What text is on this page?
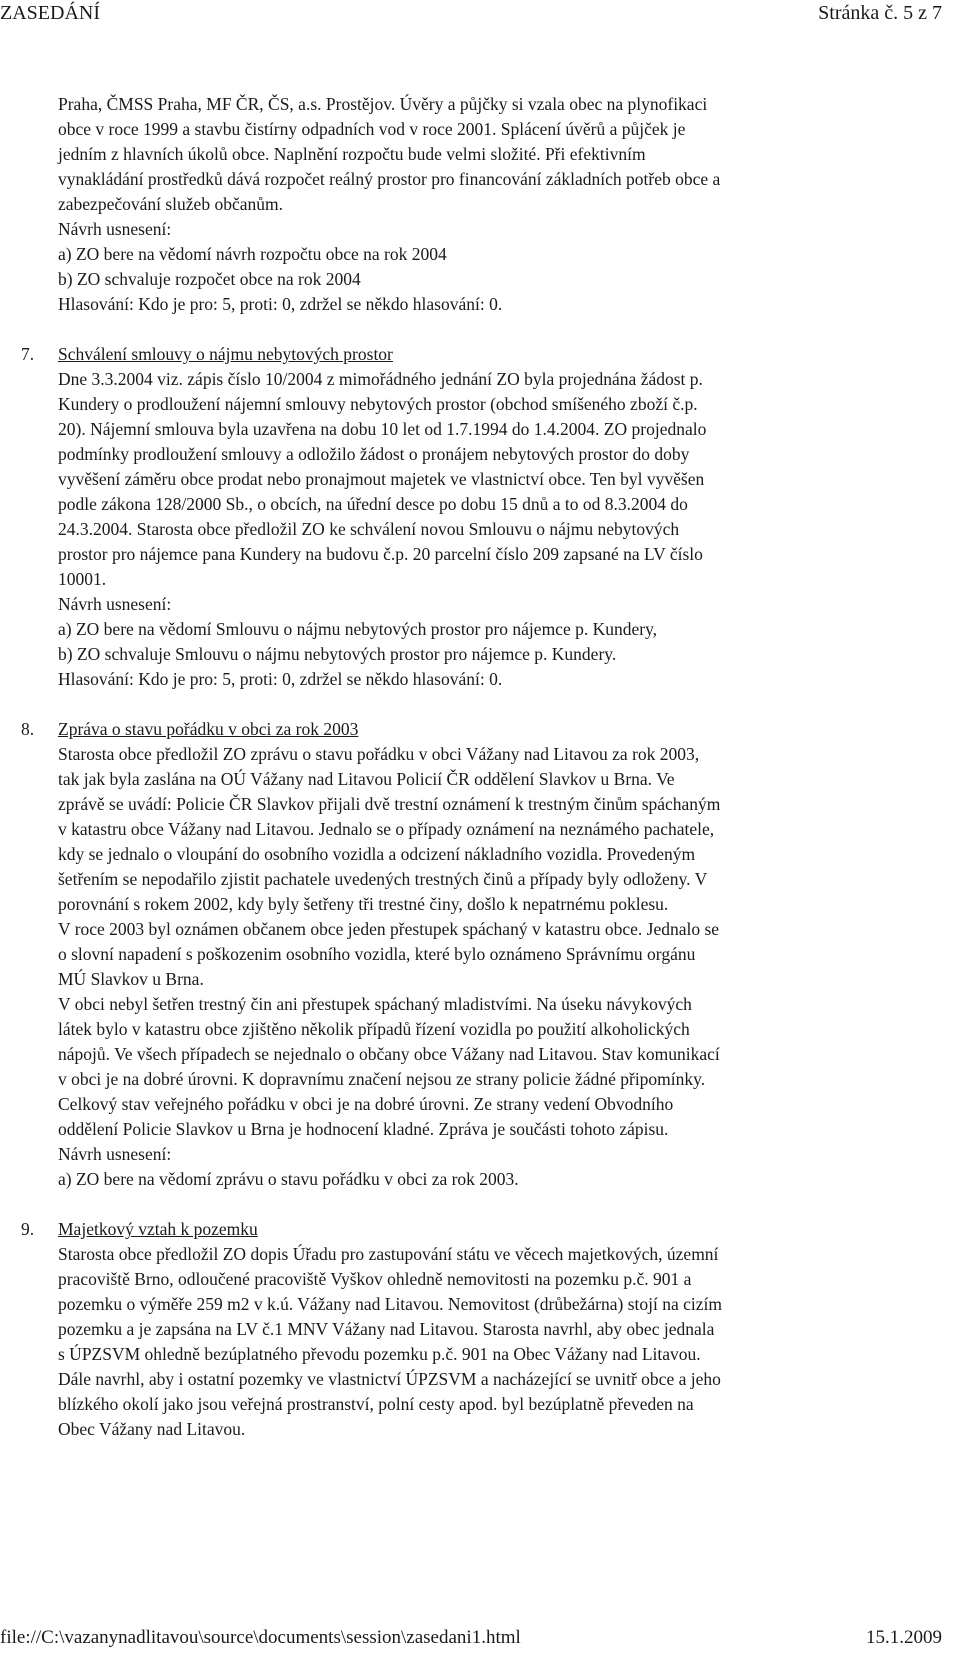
ZASEDÁNÍ	Stránka č. 5 z 7
Praha, ČMSS Praha, MF ČR, ČS, a.s. Prostějov. Úvěry a půjčky si vzala obec na plynofikaci
obce v roce 1999 a stavbu čistírny odpadních vod v roce 2001. Splácení úvěrů a půjček je
jedním z hlavních úkolů obce. Naplnění rozpočtu bude velmi složité. Při efektivním
vynakládání prostředků dává rozpočet reálný prostor pro financování základních potřeb obce a
zabezpečování služeb občanům.
Návrh usnesení:
a) ZO bere na vědomí návrh rozpočtu obce na rok 2004
b) ZO schvaluje rozpočet obce na rok 2004
Hlasování: Kdo je pro: 5, proti: 0, zdržel se někdo hlasování: 0.
7. Schválení smlouvy o nájmu nebytových prostor
Dne 3.3.2004 viz. zápis číslo 10/2004 z mimořádného jednání ZO byla projednána žádost p.
Kundery o prodloužení nájemní smlouvy nebytových prostor (obchod smíšeného zboží č.p.
20). Nájemní smlouva byla uzavřena na dobu 10 let od 1.7.1994 do 1.4.2004. ZO projednalo
podmínky prodloužení smlouvy a odložilo žádost o pronájem nebytových prostor do doby
vyvěšení záměru obce prodat nebo pronajmout majetek ve vlastnictví obce. Ten byl vyvěšen
podle zákona 128/2000 Sb., o obcích, na úřední desce po dobu 15 dnů a to od 8.3.2004 do
24.3.2004. Starosta obce předložil ZO ke schválení novou Smlouvu o nájmu nebytových
prostor pro nájemce pana Kundery na budovu č.p. 20 parcelní číslo 209 zapsané na LV číslo
10001.
Návrh usnesení:
a) ZO bere na vědomí Smlouvu o nájmu nebytových prostor pro nájemce p. Kundery,
b) ZO schvaluje Smlouvu o nájmu nebytových prostor pro nájemce p. Kundery.
Hlasování: Kdo je pro: 5, proti: 0, zdržel se někdo hlasování: 0.
8. Zpráva o stavu pořádku v obci za rok 2003
Starosta obce předložil ZO zprávu o stavu pořádku v obci Vážany nad Litavou za rok 2003,
tak jak byla zaslána na OÚ Vážany nad Litavou Policií ČR oddělení Slavkov u Brna. Ve
zprávě se uvádí: Policie ČR Slavkov přijali dvě trestní oznámení k trestným činům spáchaným
v katastru obce Vážany nad Litavou. Jednalo se o případy oznámení na neznámého pachatele,
kdy se jednalo o vloupání do osobního vozidla a odcizení nákladního vozidla. Provedeným
šetřením se nepodařilo zjistit pachatele uvedených trestných činů a případy byly odloženy. V
porovnání s rokem 2002, kdy byly šetřeny tři trestné činy, došlo k nepatrnému poklesu.
V roce 2003 byl oznámen občanem obce jeden přestupek spáchaný v katastru obce. Jednalo se
o slovní napadení s poškozenim osobního vozidla, které bylo oznámeno Správnímu orgánu
MÚ Slavkov u Brna.
V obci nebyl šetřen trestný čin ani přestupek spáchaný mladistvími. Na úseku návykových
látek bylo v katastru obce zjištěno několik případů řízení vozidla po použití alkoholických
nápojů. Ve všech případech se nejednalo o občany obce Vážany nad Litavou. Stav komunikací
v obci je na dobré úrovni. K dopravnímu značení nejsou ze strany policie žádné připomínky.
Celkový stav veřejného pořádku v obci je na dobré úrovni. Ze strany vedení Obvodního
oddělení Policie Slavkov u Brna je hodnocení kladné. Zpráva je součásti tohoto zápisu.
Návrh usnesení:
a) ZO bere na vědomí zprávu o stavu pořádku v obci za rok 2003.
9. Majetkový vztah k pozemku
Starosta obce předložil ZO dopis Úřadu pro zastupování státu ve věcech majetkových, územní
pracoviště Brno, odloučené pracoviště Vyškov ohledně nemovitosti na pozemku p.č. 901 a
pozemku o výměře 259 m2 v k.ú. Vážany nad Litavou. Nemovitost (drůbežárna) stojí na cizím
pozemku a je zapsána na LV č.1 MNV Vážany nad Litavou. Starosta navrhl, aby obec jednala
s ÚPZSVM ohledně bezúplatného převodu pozemku p.č. 901 na Obec Vážany nad Litavou.
Dále navrhl, aby i ostatní pozemky ve vlastnictví ÚPZSVM a nacházející se uvnitř obce a jeho
blízkého okolí jako jsou veřejná prostranství, polní cesty apod. byl bezúplatně převeden na
Obec Vážany nad Litavou.
file://C:\vazanynadlitavou\source\documents\session\zasedani1.html	15.1.2009
